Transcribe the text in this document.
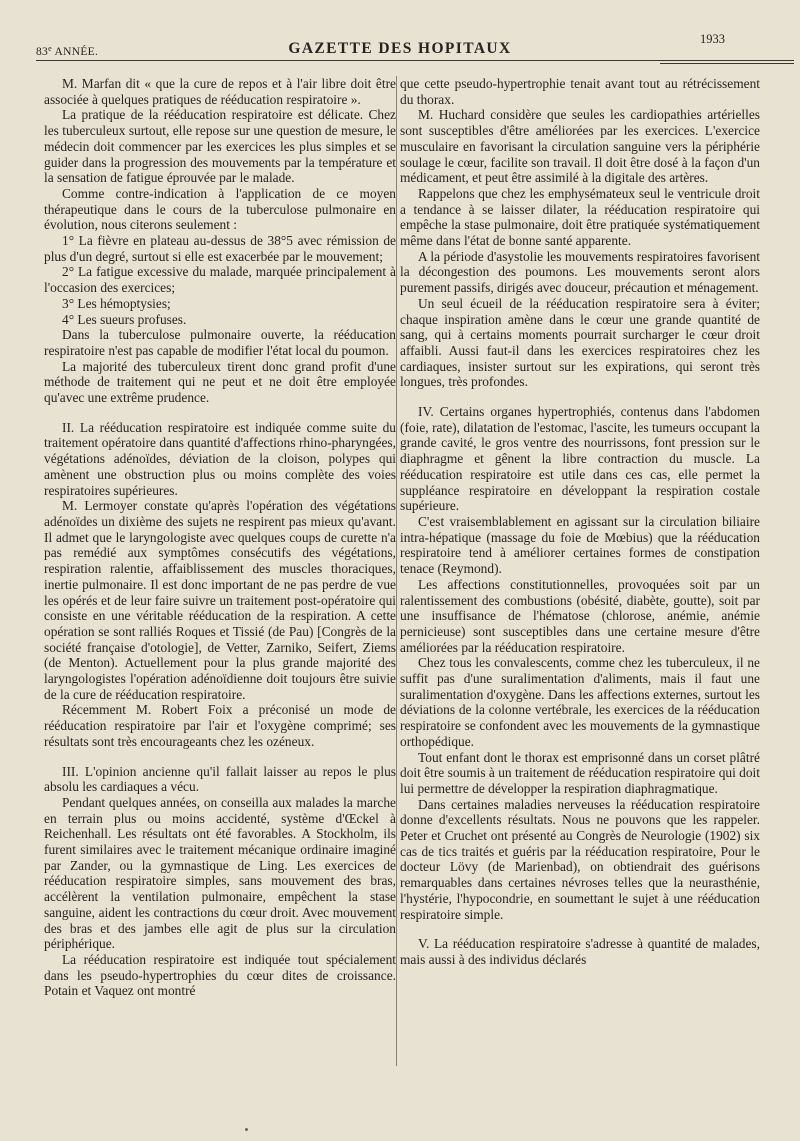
83e ANNÉE.	GAZETTE DES HOPITAUX
1933

M. Marfan dit « que la cure de repos et à l'air libre doit être associée à quelques pratiques de rééducation respiratoire ».

La pratique de la rééducation respiratoire est délicate. Chez les tuberculeux surtout, elle repose sur une question de mesure, le médecin doit commencer par les exercices les plus simples et se guider dans la progression des mouvements par la température et la sensation de fatigue éprouvée par le malade.

Comme contre-indication à l'application de ce moyen thérapeutique dans le cours de la tuberculose pulmonaire en évolution, nous citerons seulement :

1° La fièvre en plateau au-dessus de 38°5 avec rémission de plus d'un degré, surtout si elle est exacerbée par le mouvement;

2° La fatigue excessive du malade, marquée principalement à l'occasion des exercices;

3° Les hémoptysies;

4° Les sueurs profuses.

Dans la tuberculose pulmonaire ouverte, la rééducation respiratoire n'est pas capable de modifier l'état local du poumon.

La majorité des tuberculeux tirent donc grand profit d'une méthode de traitement qui ne peut et ne doit être employée qu'avec une extrême prudence.

II. La rééducation respiratoire est indiquée comme suite du traitement opératoire dans quantité d'affections rhino-pharyngées, végétations adénoïdes, déviation de la cloison, polypes qui amènent une obstruction plus ou moins complète des voies respiratoires supérieures.

M. Lermoyer constate qu'après l'opération des végétations adénoïdes un dixième des sujets ne respirent pas mieux qu'avant. Il admet que le laryngologiste avec quelques coups de curette n'a pas remédié aux symptômes consécutifs des végétations, respiration ralentie, affaiblissement des muscles thoraciques, inertie pulmonaire. Il est donc important de ne pas perdre de vue les opérés et de leur faire suivre un traitement post-opératoire qui consiste en une véritable rééducation de la respiration. A cette opération se sont ralliés Roques et Tissié (de Pau) [Congrès de la société française d'otologie], de Vetter, Zarniko, Seifert, Ziems (de Menton). Actuellement pour la plus grande majorité des laryngologistes l'opération adénoïdienne doit toujours être suivie de la cure de rééducation respiratoire.

Récemment M. Robert Foix a préconisé un mode de rééducation respiratoire par l'air et l'oxygène comprimé; ses résultats sont très encourageants chez les ozéneux.

III. L'opinion ancienne qu'il fallait laisser au repos le plus absolu les cardiaques a vécu.

Pendant quelques années, on conseilla aux malades la marche en terrain plus ou moins accidenté, système d'Œckel à Reichenhall. Les résultats ont été favorables. A Stockholm, ils furent similaires avec le traitement mécanique ordinaire imaginé par Zander, ou la gymnastique de Ling. Les exercices de rééducation respiratoire simples, sans mouvement des bras, accélèrent la ventilation pulmonaire, empêchent la stase sanguine, aident les contractions du cœur droit. Avec mouvement des bras et des jambes elle agit de plus sur la circulation périphérique.

La rééducation respiratoire est indiquée tout spécialement dans les pseudo-hypertrophies du cœur dites de croissance. Potain et Vaquez ont montré

que cette pseudo-hypertrophie tenait avant tout au rétrécissement du thorax.

M. Huchard considère que seules les cardiopathies artérielles sont susceptibles d'être améliorées par les exercices. L'exercice musculaire en favorisant la circulation sanguine vers la périphérie soulage le cœur, facilite son travail. Il doit être dosé à la façon d'un médicament, et peut être assimilé à la digitale des artères.

Rappelons que chez les emphysémateux seul le ventricule droit a tendance à se laisser dilater, la rééducation respiratoire qui empêche la stase pulmonaire, doit être pratiquée systématiquement même dans l'état de bonne santé apparente.

A la période d'asystolie les mouvements respiratoires favorisent la décongestion des poumons. Les mouvements seront alors purement passifs, dirigés avec douceur, précaution et ménagement.

Un seul écueil de la rééducation respiratoire sera à éviter; chaque inspiration amène dans le cœur une grande quantité de sang, qui à certains moments pourrait surcharger le cœur droit affaibli. Aussi faut-il dans les exercices respiratoires chez les cardiaques, insister surtout sur les expirations, qui seront très longues, très profondes.

IV. Certains organes hypertrophiés, contenus dans l'abdomen (foie, rate), dilatation de l'estomac, l'ascite, les tumeurs occupant la grande cavité, le gros ventre des nourrissons, font pression sur le diaphragme et gênent la libre contraction du muscle. La rééducation respiratoire est utile dans ces cas, elle permet la suppléance respiratoire en développant la respiration costale supérieure.

C'est vraisemblablement en agissant sur la circulation biliaire intra-hépatique (massage du foie de Mœbius) que la rééducation respiratoire tend à améliorer certaines formes de constipation tenace (Reymond).

Les affections constitutionnelles, provoquées soit par un ralentissement des combustions (obésité, diabète, goutte), soit par une insuffisance de l'hématose (chlorose, anémie, anémie pernicieuse) sont susceptibles dans une certaine mesure d'être améliorées par la rééducation respiratoire.

Chez tous les convalescents, comme chez les tuberculeux, il ne suffit pas d'une suralimentation d'aliments, mais il faut une suralimentation d'oxygène. Dans les affections externes, surtout les déviations de la colonne vertébrale, les exercices de la rééducation respiratoire se confondent avec les mouvements de la gymnastique orthopédique.

Tout enfant dont le thorax est emprisonné dans un corset plâtré doit être soumis à un traitement de rééducation respiratoire qui doit lui permettre de développer la respiration diaphragmatique.

Dans certaines maladies nerveuses la rééducation respiratoire donne d'excellents résultats. Nous ne pouvons que les rappeler. Peter et Cruchet ont présenté au Congrès de Neurologie (1902) six cas de tics traités et guéris par la rééducation respiratoire, Pour le docteur Lövy (de Marienbad), on obtiendrait des guérisons remarquables dans certaines névroses telles que la neurasthénie, l'hystérie, l'hypocondrie, en soumettant le sujet à une rééducation respiratoire simple.

V. La rééducation respiratoire s'adresse à quantité de malades, mais aussi à des individus déclarés
